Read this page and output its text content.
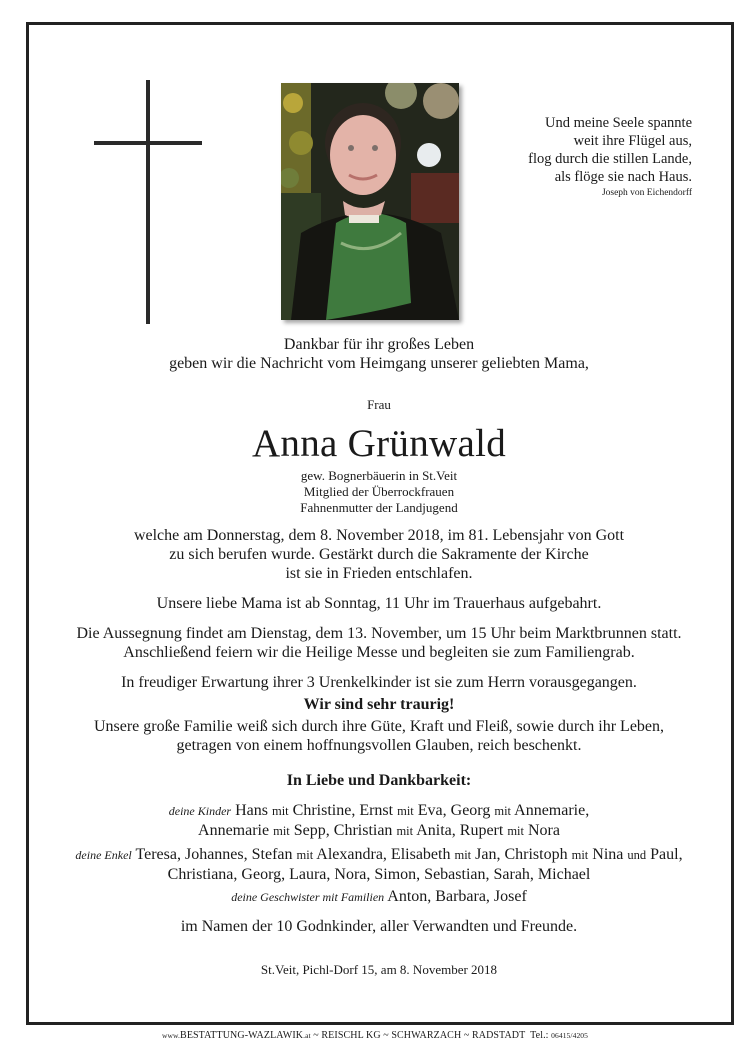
Und meine Seele spannte
weit ihre Flügel aus,
flog durch die stillen Lande,
als flöge sie nach Haus.
Joseph von Eichendorff
Dankbar für ihr großes Leben
geben wir die Nachricht vom Heimgang unserer geliebten Mama,
Frau
Anna Grünwald
gew. Bognerbäuerin in St.Veit
Mitglied der Überrockfrauen
Fahnenmutter der Landjugend
welche am Donnerstag, dem 8. November 2018, im 81. Lebensjahr von Gott
zu sich berufen wurde. Gestärkt durch die Sakramente der Kirche
ist sie in Frieden entschlafen.
Unsere liebe Mama ist ab Sonntag, 11 Uhr im Trauerhaus aufgebahrt.
Die Aussegnung findet am Dienstag, dem 13. November, um 15 Uhr beim Marktbrunnen statt.
Anschließend feiern wir die Heilige Messe und begleiten sie zum Familiengrab.
In freudiger Erwartung ihrer 3 Urenkelkinder ist sie zum Herrn vorausgegangen.
Wir sind sehr traurig!
Unsere große Familie weiß sich durch ihre Güte, Kraft und Fleiß, sowie durch ihr Leben,
getragen von einem hoffnungsvollen Glauben, reich beschenkt.
In Liebe und Dankbarkeit:
deine Kinder Hans mit Christine, Ernst mit Eva, Georg mit Annemarie,
Annemarie mit Sepp, Christian mit Anita, Rupert mit Nora
deine Enkel Teresa, Johannes, Stefan mit Alexandra, Elisabeth mit Jan, Christoph mit Nina und Paul,
Christiana, Georg, Laura, Nora, Simon, Sebastian, Sarah, Michael
deine Geschwister mit Familien Anton, Barbara, Josef
im Namen der 10 Godnkinder, aller Verwandten und Freunde.
St.Veit, Pichl-Dorf 15, am 8. November 2018
www.BESTATTUNG-WAZLAWIK.at ~ REISCHL KG ~ SCHWARZACH ~ RADSTADT  Tel.: 06415/4205
